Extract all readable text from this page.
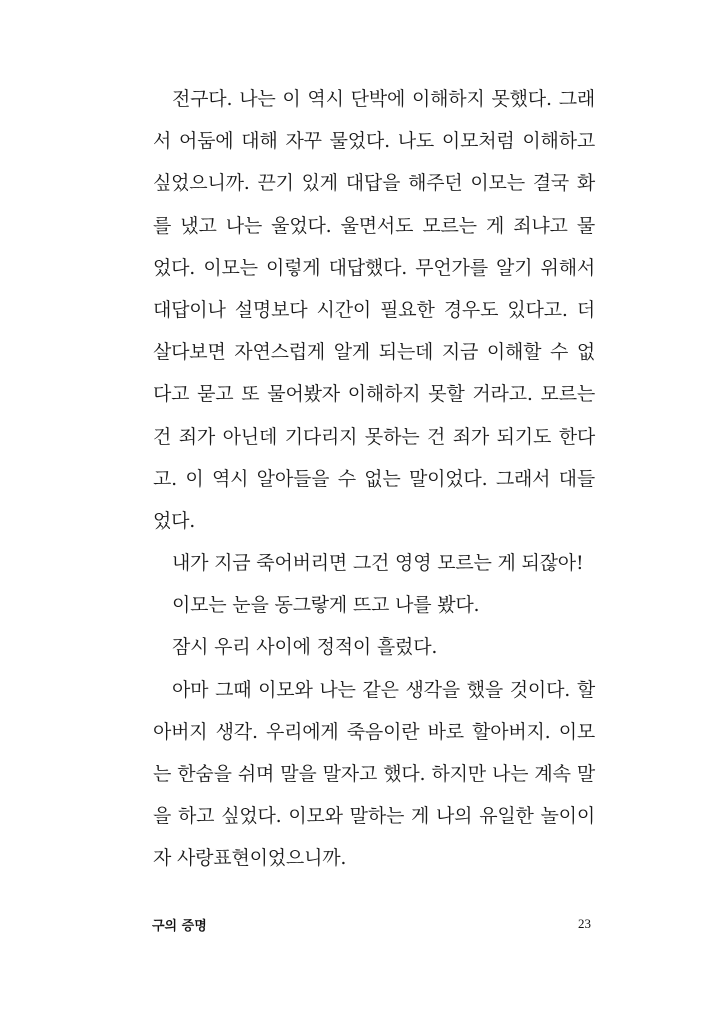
전구다. 나는 이 역시 단박에 이해하지 못했다. 그래
서 어둠에 대해 자꾸 물었다. 나도 이모처럼 이해하고
싶었으니까. 끈기 있게 대답을 해주던 이모는 결국 화
를 냈고 나는 울었다. 울면서도 모르는 게 죄냐고 물
었다. 이모는 이렇게 대답했다. 무언가를 알기 위해서
대답이나 설명보다 시간이 필요한 경우도 있다고. 더
살다보면 자연스럽게 알게 되는데 지금 이해할 수 없
다고 묻고 또 물어봤자 이해하지 못할 거라고. 모르는
건 죄가 아닌데 기다리지 못하는 건 죄가 되기도 한다
고. 이 역시 알아들을 수 없는 말이었다. 그래서 대들
었다.
내가 지금 죽어버리면 그건 영영 모르는 게 되잖아!
이모는 눈을 동그랗게 뜨고 나를 봤다.
잠시 우리 사이에 정적이 흘렀다.
아마 그때 이모와 나는 같은 생각을 했을 것이다. 할
아버지 생각. 우리에게 죽음이란 바로 할아버지. 이모
는 한숨을 쉬며 말을 말자고 했다. 하지만 나는 계속 말
을 하고 싶었다. 이모와 말하는 게 나의 유일한 놀이이
자 사랑표현이었으니까.
구의 증명	23
